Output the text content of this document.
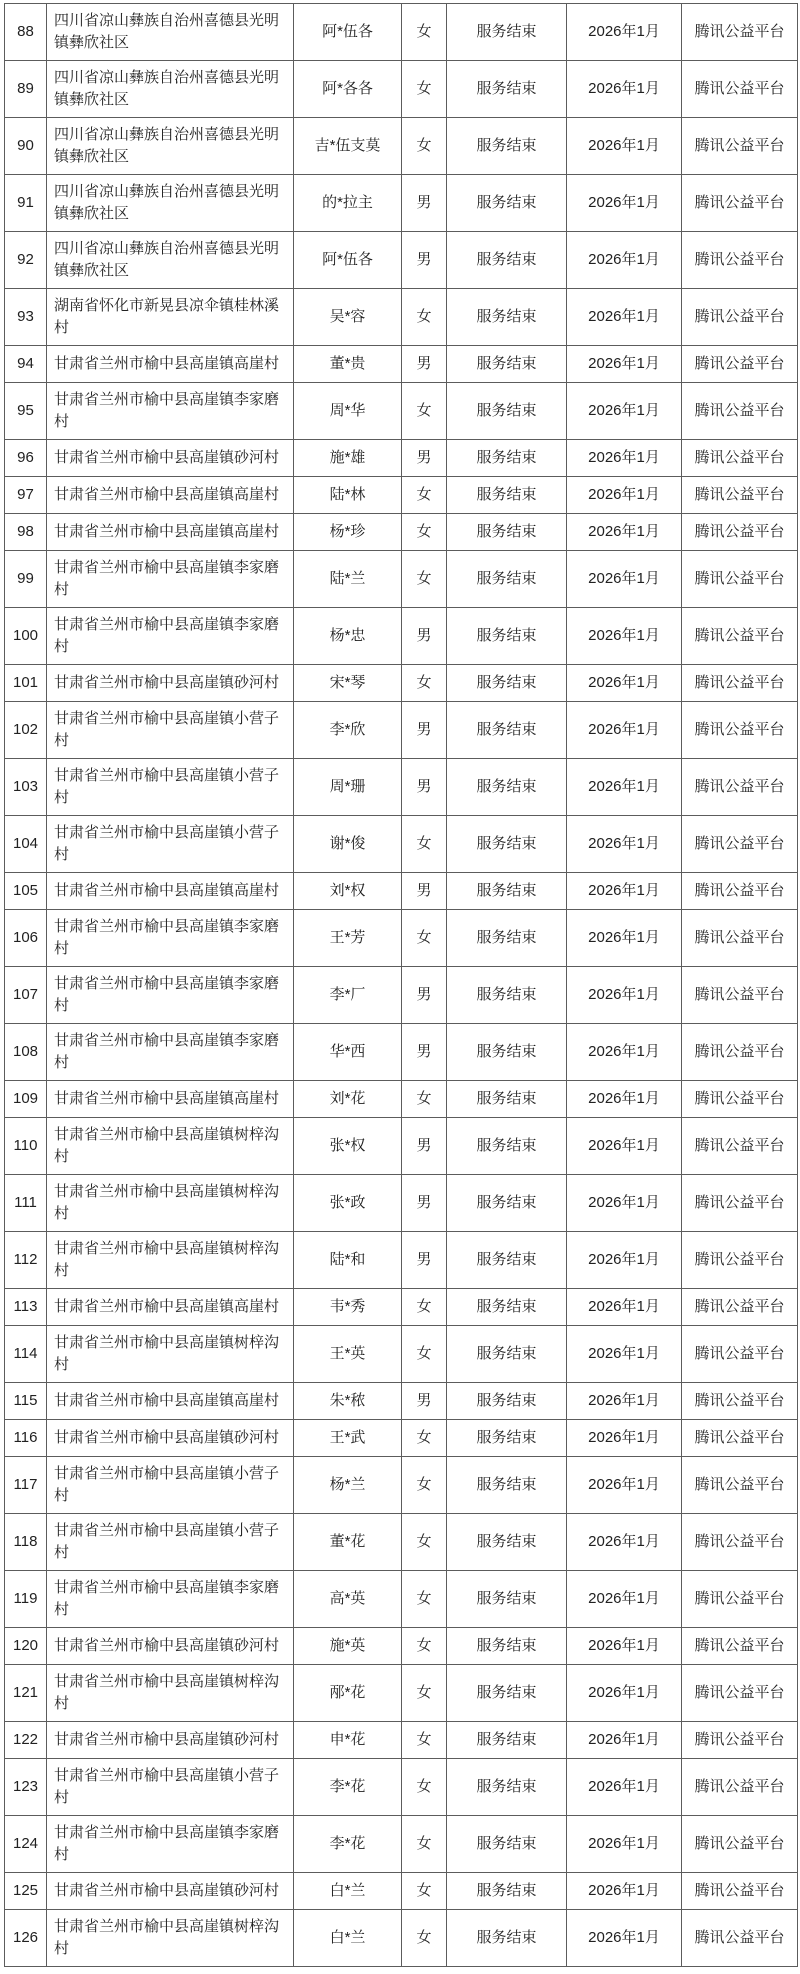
88	四川省凉山彝族自治州喜德县光明镇彝欣社区	阿*伍各	女	服务结束	2026年1月	腾讯公益平台
89	四川省凉山彝族自治州喜德县光明镇彝欣社区	阿*各各	女	服务结束	2026年1月	腾讯公益平台
90	四川省凉山彝族自治州喜德县光明镇彝欣社区	吉*伍支莫	女	服务结束	2026年1月	腾讯公益平台
91	四川省凉山彝族自治州喜德县光明镇彝欣社区	的*拉主	男	服务结束	2026年1月	腾讯公益平台
92	四川省凉山彝族自治州喜德县光明镇彝欣社区	阿*伍各	男	服务结束	2026年1月	腾讯公益平台
93	湖南省怀化市新晃县凉伞镇桂林溪村	吴*容	女	服务结束	2026年1月	腾讯公益平台
94	甘肃省兰州市榆中县高崖镇高崖村	董*贵	男	服务结束	2026年1月	腾讯公益平台
95	甘肃省兰州市榆中县高崖镇李家磨村	周*华	女	服务结束	2026年1月	腾讯公益平台
96	甘肃省兰州市榆中县高崖镇砂河村	施*雄	男	服务结束	2026年1月	腾讯公益平台
97	甘肃省兰州市榆中县高崖镇高崖村	陆*林	女	服务结束	2026年1月	腾讯公益平台
98	甘肃省兰州市榆中县高崖镇高崖村	杨*珍	女	服务结束	2026年1月	腾讯公益平台
99	甘肃省兰州市榆中县高崖镇李家磨村	陆*兰	女	服务结束	2026年1月	腾讯公益平台
100	甘肃省兰州市榆中县高崖镇李家磨村	杨*忠	男	服务结束	2026年1月	腾讯公益平台
101	甘肃省兰州市榆中县高崖镇砂河村	宋*琴	女	服务结束	2026年1月	腾讯公益平台
102	甘肃省兰州市榆中县高崖镇小营子村	李*欣	男	服务结束	2026年1月	腾讯公益平台
103	甘肃省兰州市榆中县高崖镇小营子村	周*珊	男	服务结束	2026年1月	腾讯公益平台
104	甘肃省兰州市榆中县高崖镇小营子村	谢*俊	女	服务结束	2026年1月	腾讯公益平台
105	甘肃省兰州市榆中县高崖镇高崖村	刘*权	男	服务结束	2026年1月	腾讯公益平台
106	甘肃省兰州市榆中县高崖镇李家磨村	王*芳	女	服务结束	2026年1月	腾讯公益平台
107	甘肃省兰州市榆中县高崖镇李家磨村	李*厂	男	服务结束	2026年1月	腾讯公益平台
108	甘肃省兰州市榆中县高崖镇李家磨村	华*西	男	服务结束	2026年1月	腾讯公益平台
109	甘肃省兰州市榆中县高崖镇高崖村	刘*花	女	服务结束	2026年1月	腾讯公益平台
110	甘肃省兰州市榆中县高崖镇树梓沟村	张*权	男	服务结束	2026年1月	腾讯公益平台
111	甘肃省兰州市榆中县高崖镇树梓沟村	张*政	男	服务结束	2026年1月	腾讯公益平台
112	甘肃省兰州市榆中县高崖镇树梓沟村	陆*和	男	服务结束	2026年1月	腾讯公益平台
113	甘肃省兰州市榆中县高崖镇高崖村	韦*秀	女	服务结束	2026年1月	腾讯公益平台
114	甘肃省兰州市榆中县高崖镇树梓沟村	王*英	女	服务结束	2026年1月	腾讯公益平台
115	甘肃省兰州市榆中县高崖镇高崖村	朱*秾	男	服务结束	2026年1月	腾讯公益平台
116	甘肃省兰州市榆中县高崖镇砂河村	王*武	女	服务结束	2026年1月	腾讯公益平台
117	甘肃省兰州市榆中县高崖镇小营子村	杨*兰	女	服务结束	2026年1月	腾讯公益平台
118	甘肃省兰州市榆中县高崖镇小营子村	董*花	女	服务结束	2026年1月	腾讯公益平台
119	甘肃省兰州市榆中县高崖镇李家磨村	高*英	女	服务结束	2026年1月	腾讯公益平台
120	甘肃省兰州市榆中县高崖镇砂河村	施*英	女	服务结束	2026年1月	腾讯公益平台
121	甘肃省兰州市榆中县高崖镇树梓沟村	邴*花	女	服务结束	2026年1月	腾讯公益平台
122	甘肃省兰州市榆中县高崖镇砂河村	申*花	女	服务结束	2026年1月	腾讯公益平台
123	甘肃省兰州市榆中县高崖镇小营子村	李*花	女	服务结束	2026年1月	腾讯公益平台
124	甘肃省兰州市榆中县高崖镇李家磨村	李*花	女	服务结束	2026年1月	腾讯公益平台
125	甘肃省兰州市榆中县高崖镇砂河村	白*兰	女	服务结束	2026年1月	腾讯公益平台
126	甘肃省兰州市榆中县高崖镇树梓沟村	白*兰	女	服务结束	2026年1月	腾讯公益平台
